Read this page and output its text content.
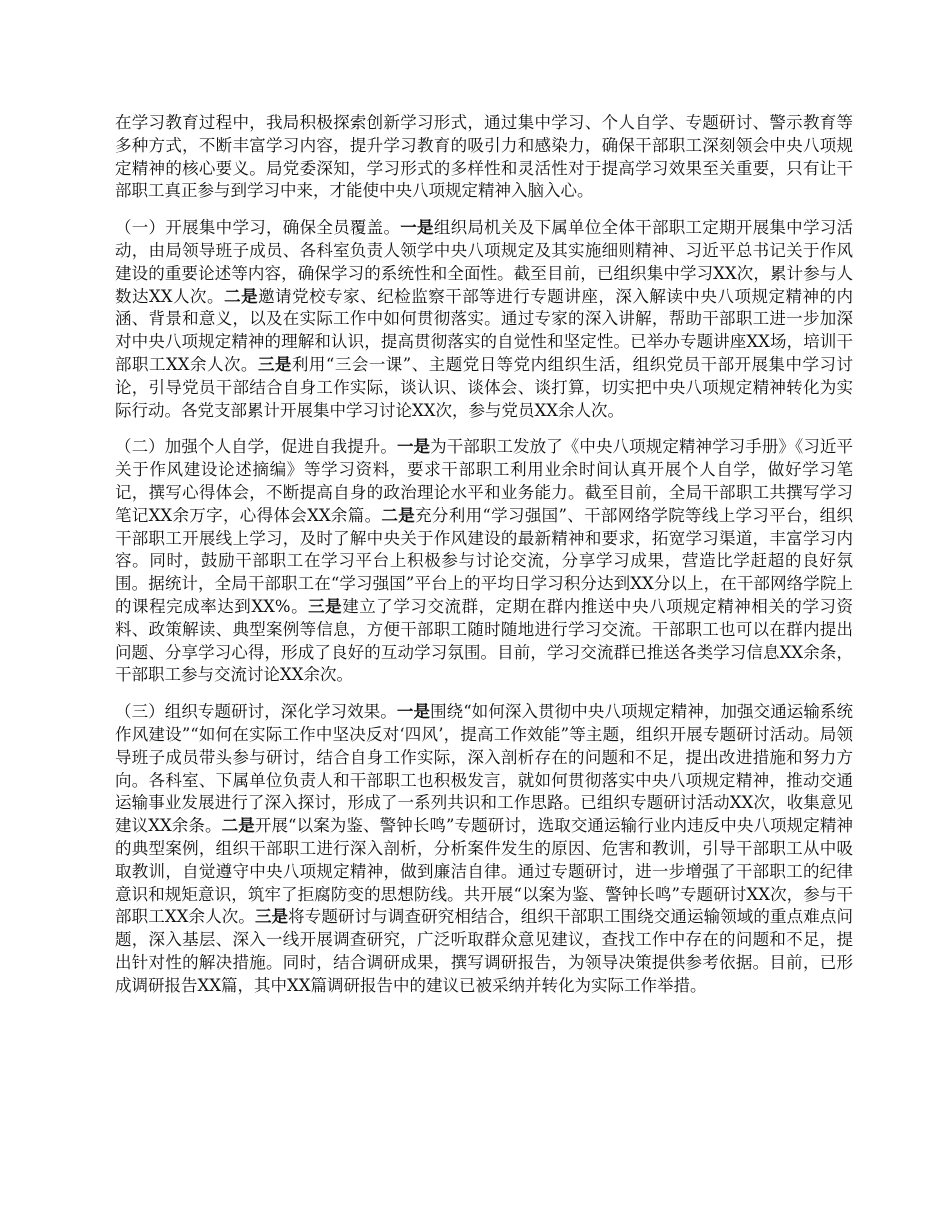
在学习教育过程中，我局积极探索创新学习形式，通过集中学习、个人自学、专题研讨、警示教育等多种方式，不断丰富学习内容，提升学习教育的吸引力和感染力，确保干部职工深刻领会中央八项规定精神的核心要义。局党委深知，学习形式的多样性和灵活性对于提高学习效果至关重要，只有让干部职工真正参与到学习中来，才能使中央八项规定精神入脑入心。

（一）开展集中学习，确保全员覆盖。一是组织局机关及下属单位全体干部职工定期开展集中学习活动，由局领导班子成员、各科室负责人领学中央八项规定及其实施细则精神、习近平总书记关于作风建设的重要论述等内容，确保学习的系统性和全面性。截至目前，已组织集中学习XX次，累计参与人数达XX人次。二是邀请党校专家、纪检监察干部等进行专题讲座，深入解读中央八项规定精神的内涵、背景和意义，以及在实际工作中如何贯彻落实。通过专家的深入讲解，帮助干部职工进一步加深对中央八项规定精神的理解和认识，提高贯彻落实的自觉性和坚定性。已举办专题讲座XX场，培训干部职工XX余人次。三是利用“三会一课”、主题党日等党内组织生活，组织党员干部开展集中学习讨论，引导党员干部结合自身工作实际，谈认识、谈体会、谈打算，切实把中央八项规定精神转化为实际行动。各党支部累计开展集中学习讨论XX次，参与党员XX余人次。

（二）加强个人自学，促进自我提升。一是为干部职工发放了《中央八项规定精神学习手册》《习近平关于作风建设论述摘编》等学习资料，要求干部职工利用业余时间认真开展个人自学，做好学习笔记，撰写心得体会，不断提高自身的政治理论水平和业务能力。截至目前，全局干部职工共撰写学习笔记XX余万字，心得体会XX余篇。二是充分利用“学习强国”、干部网络学院等线上学习平台，组织干部职工开展线上学习，及时了解中央关于作风建设的最新精神和要求，拓宽学习渠道，丰富学习内容。同时，鼓励干部职工在学习平台上积极参与讨论交流，分享学习成果，营造比学赶超的良好氛围。据统计，全局干部职工在“学习强国”平台上的平均日学习积分达到XX分以上，在干部网络学院上的课程完成率达到XX%。三是建立了学习交流群，定期在群内推送中央八项规定精神相关的学习资料、政策解读、典型案例等信息，方便干部职工随时随地进行学习交流。干部职工也可以在群内提出问题、分享学习心得，形成了良好的互动学习氛围。目前，学习交流群已推送各类学习信息XX余条，干部职工参与交流讨论XX余次。

（三）组织专题研讨，深化学习效果。一是围绕“如何深入贯彻中央八项规定精神，加强交通运输系统作风建设”“如何在实际工作中坚决反对‘四风’，提高工作效能”等主题，组织开展专题研讨活动。局领导班子成员带头参与研讨，结合自身工作实际，深入剖析存在的问题和不足，提出改进措施和努力方向。各科室、下属单位负责人和干部职工也积极发言，就如何贯彻落实中央八项规定精神，推动交通运输事业发展进行了深入探讨，形成了一系列共识和工作思路。已组织专题研讨活动XX次，收集意见建议XX余条。二是开展“以案为鉴、警钟长鸣”专题研讨，选取交通运输行业内违反中央八项规定精神的典型案例，组织干部职工进行深入剖析，分析案件发生的原因、危害和教训，引导干部职工从中吸取教训，自觉遵守中央八项规定精神，做到廉洁自律。通过专题研讨，进一步增强了干部职工的纪律意识和规矩意识，筑牢了拒腐防变的思想防线。共开展“以案为鉴、警钟长鸣”专题研讨XX次，参与干部职工XX余人次。三是将专题研讨与调查研究相结合，组织干部职工围绕交通运输领域的重点难点问题，深入基层、深入一线开展调查研究，广泛听取群众意见建议，查找工作中存在的问题和不足，提出针对性的解决措施。同时，结合调研成果，撰写调研报告，为领导决策提供参考依据。目前，已形成调研报告XX篇，其中XX篇调研报告中的建议已被采纳并转化为实际工作举措。
